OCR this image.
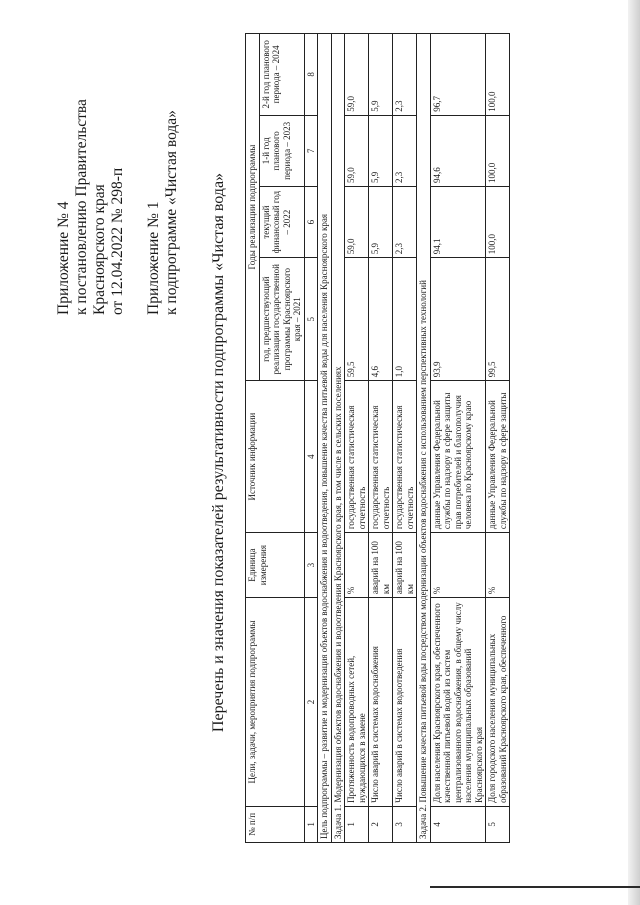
Приложение № 4 к постановлению Правительства Красноярского края от 12.04.2022 № 298-п Приложение № 1 к подпрограмме «Чистая вода» Перечень и значения показателей результативности подпрограммы «Чистая вода»
№ п/п	Цели, задачи, мероприятия подпрограммы	Единица измерения	Источник информации	Годы реализации подпрограммы			
				год, предшествующий реализации государственной программы Красноярского края – 2021	текущий финансовый год – 2022	1-й год планового периода – 2023	2-й год планового периода – 2024
1	2	3	4	5	6	7	8
Цель подпрограммы – развитие и модернизация объектов водоснабжения и водоотведения, повышение качества питьевой воды для населения Красноярского края							
Задача 1. Модернизация объектов водоснабжения и водоотведения Красноярского края, в том числе в сельских поселениях							
1	Протяженность водопроводных сетей, нуждающихся в замене	%	государственная статистическая отчетность	59,5	59,0	59,0	59,0
2	Число аварий в системах водоснабжения	аварий на 100 км	государственная статистическая отчетность	4,6	5,9	5,9	5,9
3	Число аварий в системах водоотведения	аварий на 100 км	государственная статистическая отчетность	1,0	2,3	2,3	2,3
Задача 2. Повышение качества питьевой воды посредством модернизации объектов водоснабжения с использованием перспективных технологий							
4	Доля населения Красноярского края, обеспеченного качественной питьевой водой из систем централизованного водоснабжения, в общему числу населения муниципальных образований Красноярского края	%	данные Управления Федеральной службы по надзору в сфере защиты прав потребителей и благополучия человека по Красноярскому краю	93,9	94,1	94,6	96,7
5	Доля городского населения муниципальных образований Красноярского края, обеспеченного	%	данные Управления Федеральной службы по надзору в сфере защиты	99,5	100,0	100,0	100,0
